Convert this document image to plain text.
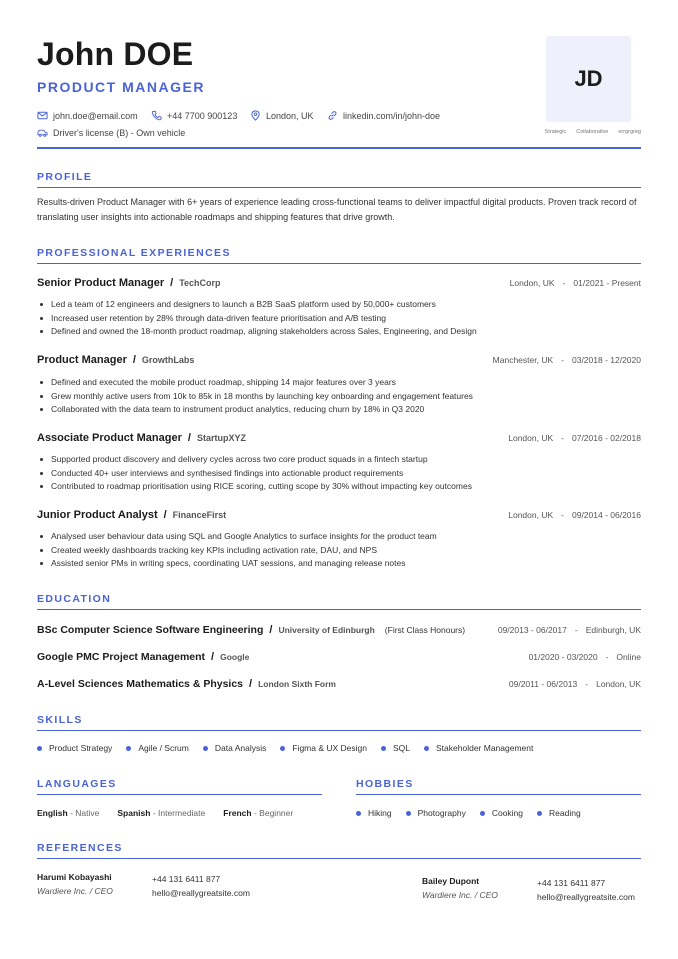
John DOE
PRODUCT MANAGER
john.doe@email.com	+44 7700 900123	London, UK	linkedin.com/in/john-doe
Driver's license (B) - Own vehicle
JD
Strategic Collaborative errgrgreg
PROFILE
Results-driven Product Manager with 6+ years of experience leading cross-functional teams to deliver impactful digital products. Proven track record of translating user insights into actionable roadmaps and shipping features that drive growth.
PROFESSIONAL EXPERIENCES
Senior Product Manager / TechCorp	London, UK - 01/2021 - Present
Led a team of 12 engineers and designers to launch a B2B SaaS platform used by 50,000+ customers
Increased user retention by 28% through data-driven feature prioritisation and A/B testing
Defined and owned the 18-month product roadmap, aligning stakeholders across Sales, Engineering, and Design
Product Manager / GrowthLabs	Manchester, UK - 03/2018 - 12/2020
Defined and executed the mobile product roadmap, shipping 14 major features over 3 years
Grew monthly active users from 10k to 85k in 18 months by launching key onboarding and engagement features
Collaborated with the data team to instrument product analytics, reducing churn by 18% in Q3 2020
Associate Product Manager / StartupXYZ	London, UK - 07/2016 - 02/2018
Supported product discovery and delivery cycles across two core product squads in a fintech startup
Conducted 40+ user interviews and synthesised findings into actionable product requirements
Contributed to roadmap prioritisation using RICE scoring, cutting scope by 30% without impacting key outcomes
Junior Product Analyst / FinanceFirst	London, UK - 09/2014 - 06/2016
Analysed user behaviour data using SQL and Google Analytics to surface insights for the product team
Created weekly dashboards tracking key KPIs including activation rate, DAU, and NPS
Assisted senior PMs in writing specs, coordinating UAT sessions, and managing release notes
EDUCATION
BSc Computer Science Software Engineering / University of Edinburgh (First Class Honours)	09/2013 - 06/2017 - Edinburgh, UK
Google PMC Project Management / Google	01/2020 - 03/2020 - Online
A-Level Sciences Mathematics & Physics / London Sixth Form	09/2011 - 06/2013 - London, UK
SKILLS
Product Strategy	Agile / Scrum	Data Analysis	Figma & UX Design	SQL	Stakeholder Management
LANGUAGES
English - Native Spanish - Intermediate French - Beginner
HOBBIES
Hiking	Photography	Cooking	Reading
REFERENCES
Harumi Kobayashi
Wardiere Inc. / CEO
+44 131 6411 877
hello@reallygreatsite.com
Bailey Dupont
Wardiere Inc. / CEO
+44 131 6411 877
hello@reallygreatsite.com
